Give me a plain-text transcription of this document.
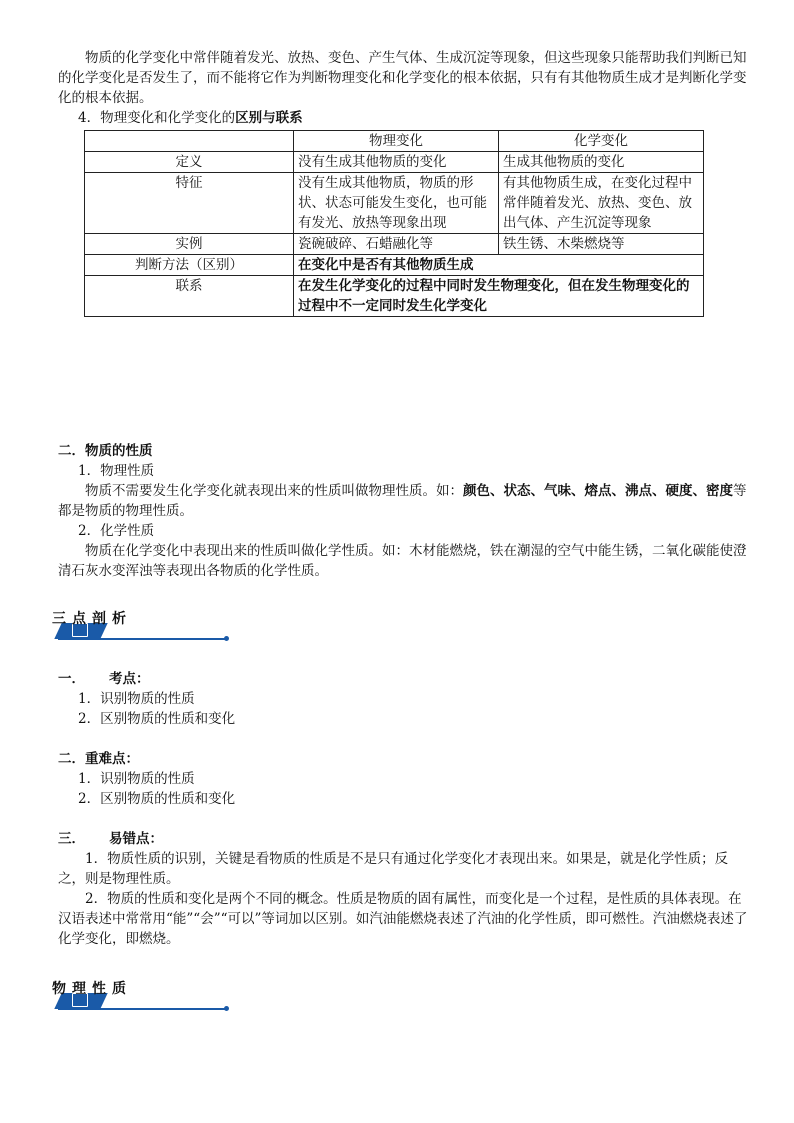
物质的化学变化中常伴随着发光、放热、变色、产生气体、生成沉淀等现象，但这些现象只能帮助我们判断已知的化学变化是否发生了，而不能将它作为判断物理变化和化学变化的根本依据，只有有其他物质生成才是判断化学变化的根本依据。

4．物理变化和化学变化的区别与联系

	物理变化	化学变化
定义	没有生成其他物质的变化	生成其他物质的变化
特征	没有生成其他物质，物质的形状、状态可能发生变化，也可能有发光、放热等现象出现	有其他物质生成，在变化过程中常伴随着发光、放热、变色、放出气体、产生沉淀等现象
实例	瓷碗破碎、石蜡融化等	铁生锈、木柴燃烧等
判断方法（区别）	在变化中是否有其他物质生成	
联系	在发生化学变化的过程中同时发生物理变化，但在发生物理变化的过程中不一定同时发生化学变化	

二．物质的性质

1．物理性质

物质不需要发生化学变化就表现出来的性质叫做物理性质。如：颜色、状态、气味、熔点、沸点、硬度、密度等都是物质的物理性质。

2．化学性质

物质在化学变化中表现出来的性质叫做化学性质。如：木材能燃烧，铁在潮湿的空气中能生锈，二氧化碳能使澄清石灰水变浑浊等表现出各物质的化学性质。

三点剖析

一． 考点：

1．识别物质的性质

2．区别物质的性质和变化

二．重难点：

1．识别物质的性质

2．区别物质的性质和变化

三． 易错点：

1．物质性质的识别，关键是看物质的性质是不是只有通过化学变化才表现出来。如果是，就是化学性质；反之，则是物理性质。

2．物质的性质和变化是两个不同的概念。性质是物质的固有属性，而变化是一个过程，是性质的具体表现。在汉语表述中常常用“能”“会”“可以”等词加以区别。如汽油能燃烧表述了汽油的化学性质，即可燃性。汽油燃烧表述了化学变化，即燃烧。

物理性质
